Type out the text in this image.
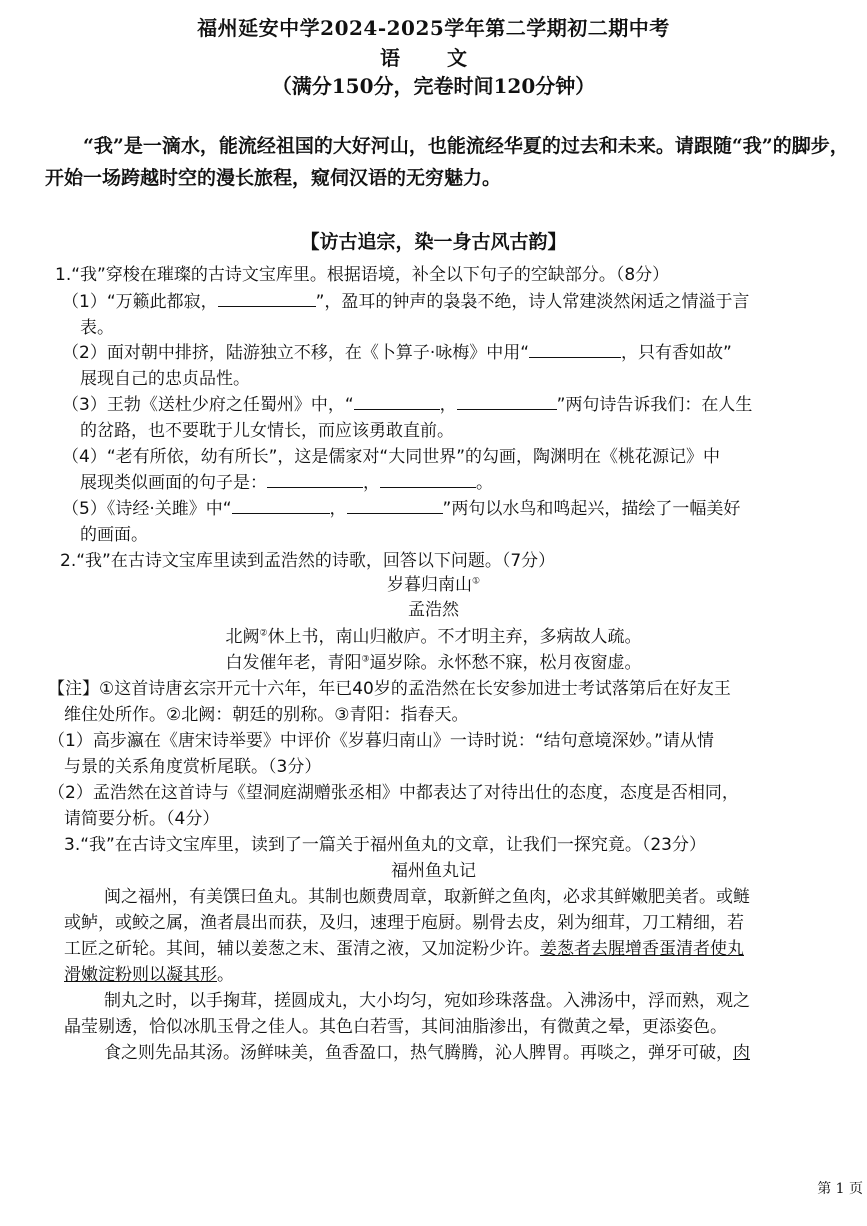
福州延安中学2024-2025学年第二学期初二期中考
语 文
（满分150分，完卷时间120分钟）
“我”是一滴水，能流经祖国的大好河山，也能流经华夏的过去和未来。请跟随“我”的脚步，开始一场跨越时空的漫长旅程，窥伺汉语的无穷魅力。
【访古追宗，染一身古风古韵】
1.“我”穿梭在璀璨的古诗文宝库里。根据语境，补全以下句子的空缺部分。（8分）
（1）“万籁此都寂，	”，盈耳的钟声的袅袅不绝，诗人常建淡然闲适之情溢于言
表。
（2）面对朝中排挤，陆游独立不移，在《卜算子·咏梅》中用“	，只有香如故”
展现自己的忠贞品性。
（3）王勃《送杜少府之任蜀州》中，“	，	”两句诗告诉我们：在人生
的岔路，也不要耽于儿女情长，而应该勇敢直前。
（4）“老有所依，幼有所长”，这是儒家对“大同世界”的勾画，陶渊明在《桃花源记》中
展现类似画面的句子是：	，	。
（5）《诗经·关雎》中“	，	”两句以水鸟和鸣起兴，描绘了一幅美好
的画面。
2.“我”在古诗文宝库里读到孟浩然的诗歌，回答以下问题。（7分）
岁暮归南山①
孟浩然
北阙②休上书，南山归敝庐。不才明主弃，多病故人疏。
白发催年老，青阳③逼岁除。永怀愁不寐，松月夜窗虚。
【注】①这首诗唐玄宗开元十六年，年已40岁的孟浩然在长安参加进士考试落第后在好友王
维住处所作。②北阙：朝廷的别称。③青阳：指春天。
（1）高步瀛在《唐宋诗举要》中评价《岁暮归南山》一诗时说：“结句意境深妙。”请从情
与景的关系角度赏析尾联。（3分）
（2）孟浩然在这首诗与《望洞庭湖赠张丞相》中都表达了对待出仕的态度，态度是否相同，
请简要分析。（4分）
3.“我”在古诗文宝库里，读到了一篇关于福州鱼丸的文章，让我们一探究竟。（23分）
福州鱼丸记
闽之福州，有美馔曰鱼丸。其制也颇费周章，取新鲜之鱼肉，必求其鲜嫩肥美者。或鲢
或鲈，或鲛之属，渔者晨出而获，及归，速理于庖厨。剔骨去皮，剁为细茸，刀工精细，若
工匠之斫轮。其间，辅以姜葱之末、蛋清之液，又加淀粉少许。姜葱者去腥增香蛋清者使丸
滑嫩淀粉则以凝其形。
制丸之时，以手掬茸，搓圆成丸，大小均匀，宛如珍珠落盘。入沸汤中，浮而熟，观之
晶莹剔透，恰似冰肌玉骨之佳人。其色白若雪，其间油脂渗出，有微黄之晕，更添姿色。
食之则先品其汤。汤鲜味美，鱼香盈口，热气腾腾，沁人脾胃。再啖之，弹牙可破，肉
第 1 页
